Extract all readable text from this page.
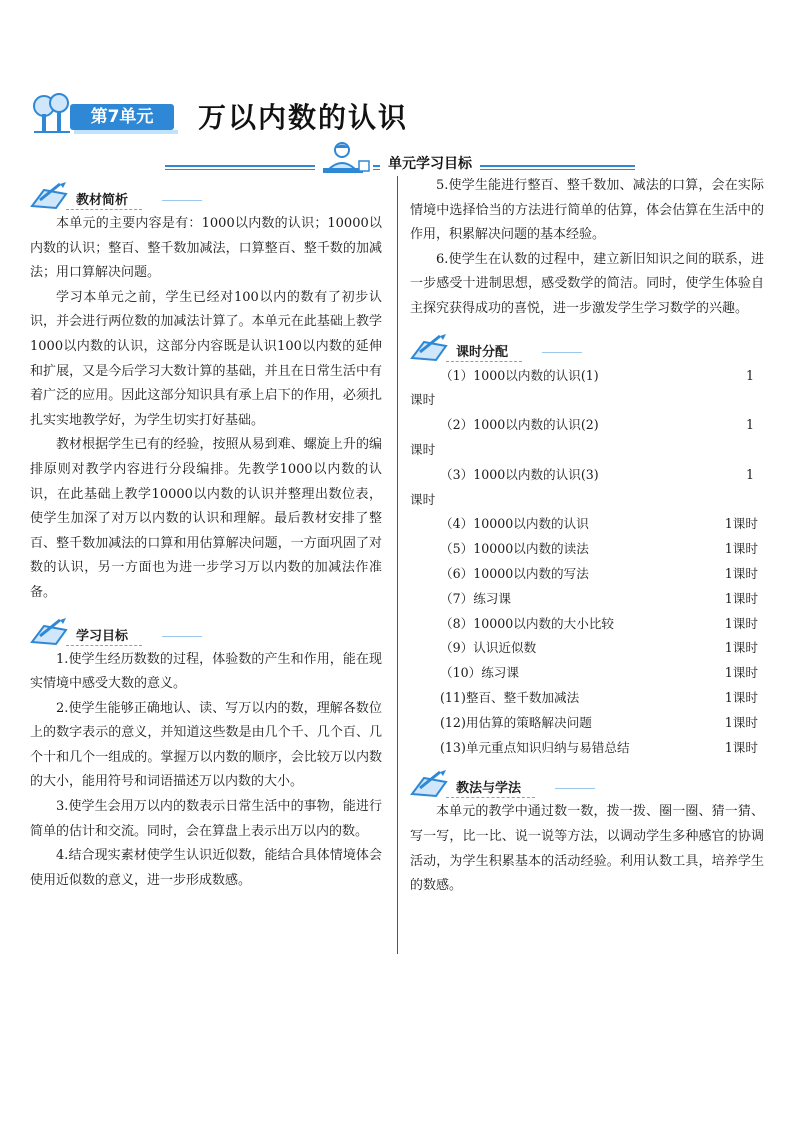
第7单元	万以内数的认识
单元学习目标
教材简析

本单元的主要内容是有：1000以内数的认识；10000以内数的认识；整百、整千数加减法，口算整百、整千数的加减法；用口算解决问题。

学习本单元之前，学生已经对100以内的数有了初步认识，并会进行两位数的加减法计算了。本单元在此基础上教学1000以内数的认识，这部分内容既是认识100以内数的延伸和扩展，又是今后学习大数计算的基础，并且在日常生活中有着广泛的应用。因此这部分知识具有承上启下的作用，必须扎扎实实地教学好，为学生切实打好基础。

教材根据学生已有的经验，按照从易到难、螺旋上升的编排原则对教学内容进行分段编排。先教学1000以内数的认识，在此基础上教学10000以内数的认识并整理出数位表，使学生加深了对万以内数的认识和理解。最后教材安排了整百、整千数加减法的口算和用估算解决问题，一方面巩固了对数的认识，另一方面也为进一步学习万以内数的加减法作准备。

学习目标

1.使学生经历数数的过程，体验数的产生和作用，能在现实情境中感受大数的意义。

2.使学生能够正确地认、读、写万以内的数，理解各数位上的数字表示的意义，并知道这些数是由几个千、几个百、几个十和几个一组成的。掌握万以内数的顺序，会比较万以内数的大小，能用符号和词语描述万以内数的大小。

3.使学生会用万以内的数表示日常生活中的事物，能进行简单的估计和交流。同时，会在算盘上表示出万以内的数。

4.结合现实素材使学生认识近似数，能结合具体情境体会使用近似数的意义，进一步形成数感。

5.使学生能进行整百、整千数加、减法的口算，会在实际情境中选择恰当的方法进行简单的估算，体会估算在生活中的作用，积累解决问题的基本经验。

6.使学生在认数的过程中，建立新旧知识之间的联系，进一步感受十进制思想，感受数学的简洁。同时，使学生体验自主探究获得成功的喜悦，进一步激发学生学习数学的兴趣。

课时分配
（1）1000以内数的认识(1)	1
课时
（2）1000以内数的认识(2)	1
课时
（3）1000以内数的认识(3)	1
课时
（4）10000以内数的认识	1课时
（5）10000以内数的读法	1课时
（6）10000以内数的写法	1课时
（7）练习课	1课时
（8）10000以内数的大小比较	1课时
（9）认识近似数	1课时
（10）练习课	1课时
(11)整百、整千数加减法	1课时
(12)用估算的策略解决问题	1课时
(13)单元重点知识归纳与易错总结	1课时
教法与学法

本单元的教学中通过数一数，拨一拨、圈一圈、猜一猜、写一写，比一比、说一说等方法，以调动学生多种感官的协调活动，为学生积累基本的活动经验。利用认数工具，培养学生的数感。
